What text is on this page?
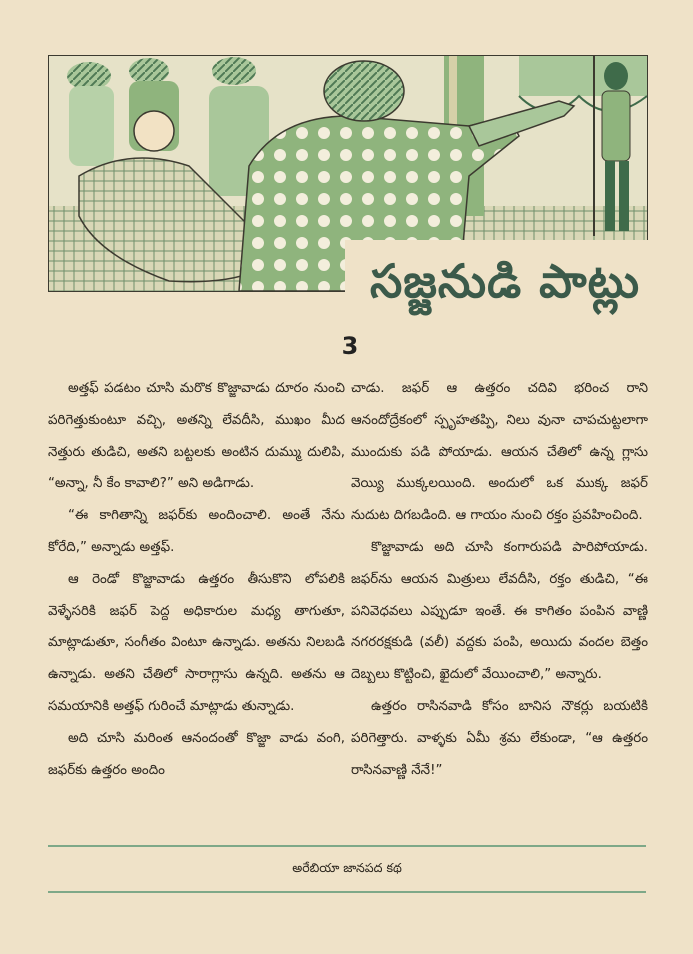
సజ్జనుడి పాట్లు
3

అత్తఫ్ పడటం చూసి మరొక కొజ్జావాడు దూరం నుంచి పరిగెత్తుకుంటూ వచ్చి, అతన్ని లేవదీసి, ముఖం మీద నెత్తురు తుడిచి, అతని బట్టలకు అంటిన దుమ్ము దులిపి, “అన్నా, నీ కేం కావాలి?” అని అడిగాడు.

“ఈ కాగితాన్ని జఫర్‌కు అందించాలి. అంతే నేను కోరేది,” అన్నాడు అత్తఫ్.

ఆ రెండో కొజ్జావాడు ఉత్తరం తీసుకొని లోపలికి వెళ్ళేసరికి జఫర్ పెద్ద అధికారుల మధ్య తాగుతూ, మాట్లాడుతూ, సంగీతం వింటూ ఉన్నాడు. అతను నిలబడి ఉన్నాడు. అతని చేతిలో సారాగ్లాసు ఉన్నది. అతను ఆ సమయానికి అత్తఫ్ గురించే మాట్లాడు తున్నాడు.

అది చూసి మరింత ఆనందంతో కొజ్జా వాడు వంగి, జఫర్‌కు ఉత్తరం అందిం

చాడు. జఫర్ ఆ ఉత్తరం చదివి భరించ రాని ఆనందోద్రేకంలో స్పృహతప్పి, నిలు వునా చాపచుట్టలాగా ముందుకు పడి పోయాడు. ఆయన చేతిలో ఉన్న గ్లాసు వెయ్యి ముక్కలయింది. అందులో ఒక ముక్క జఫర్ నుదుట దిగబడింది. ఆ గాయం నుంచి రక్తం ప్రవహించింది.

కొజ్జావాడు అది చూసి కంగారుపడి పారిపోయాడు. జఫర్‌ను ఆయన మిత్రులు లేవదీసి, రక్తం తుడిచి, “ఈ పనివెధవలు ఎప్పుడూ ఇంతే. ఈ కాగితం పంపిన వాణ్ణి నగరరక్షకుడి (వలీ) వద్దకు పంపి, అయిదు వందల బెత్తం దెబ్బలు కొట్టించి, ఖైదులో వేయించాలి,” అన్నారు.

ఉత్తరం రాసినవాడి కోసం బానిస నౌకర్లు బయటికి పరిగెత్తారు. వాళ్ళకు ఏమీ శ్రమ లేకుండా, “ఆ ఉత్తరం రాసినవాణ్ణి నేనే!”

అరేబియా జానపద కథ
